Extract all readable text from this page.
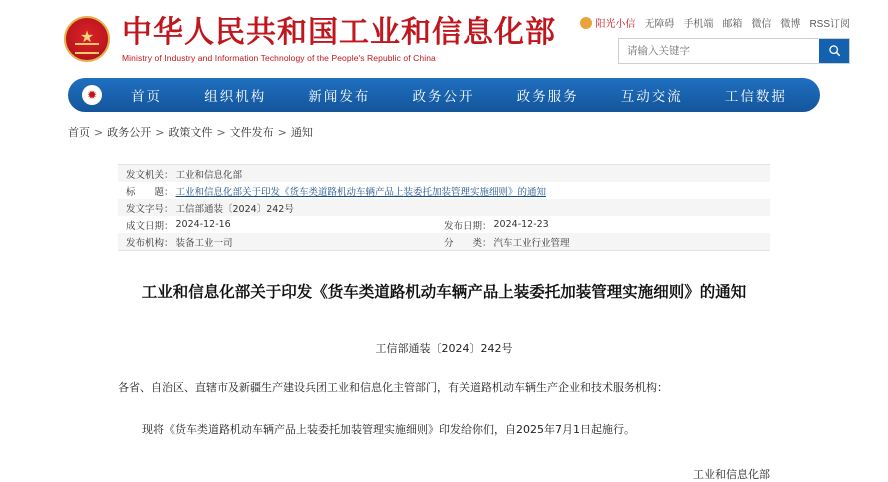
★
中华人民共和国工业和信息化部
Ministry of Industry and Information Technology of the People's Republic of China
阳光小信 无障碍 手机端 邮箱 微信 微博 RSS订阅
请输入关键字
✹	首页	组织机构	新闻发布	政务公开	政务服务	互动交流	工信数据
首页 > 政务公开 > 政策文件 > 文件发布 > 通知
发文机关： 工业和信息化部
标　　题： 工业和信息化部关于印发《货车类道路机动车辆产品上装委托加装管理实施细则》的通知
发文字号： 工信部通装〔2024〕242号
成文日期： 2024-12-16	发布日期： 2024-12-23
发布机构： 装备工业一司	分　　类： 汽车工业行业管理
工业和信息化部关于印发《货车类道路机动车辆产品上装委托加装管理实施细则》的通知
工信部通装〔2024〕242号
各省、自治区、直辖市及新疆生产建设兵团工业和信息化主管部门，有关道路机动车辆生产企业和技术服务机构：
现将《货车类道路机动车辆产品上装委托加装管理实施细则》印发给你们，自2025年7月1日起施行。
工业和信息化部
